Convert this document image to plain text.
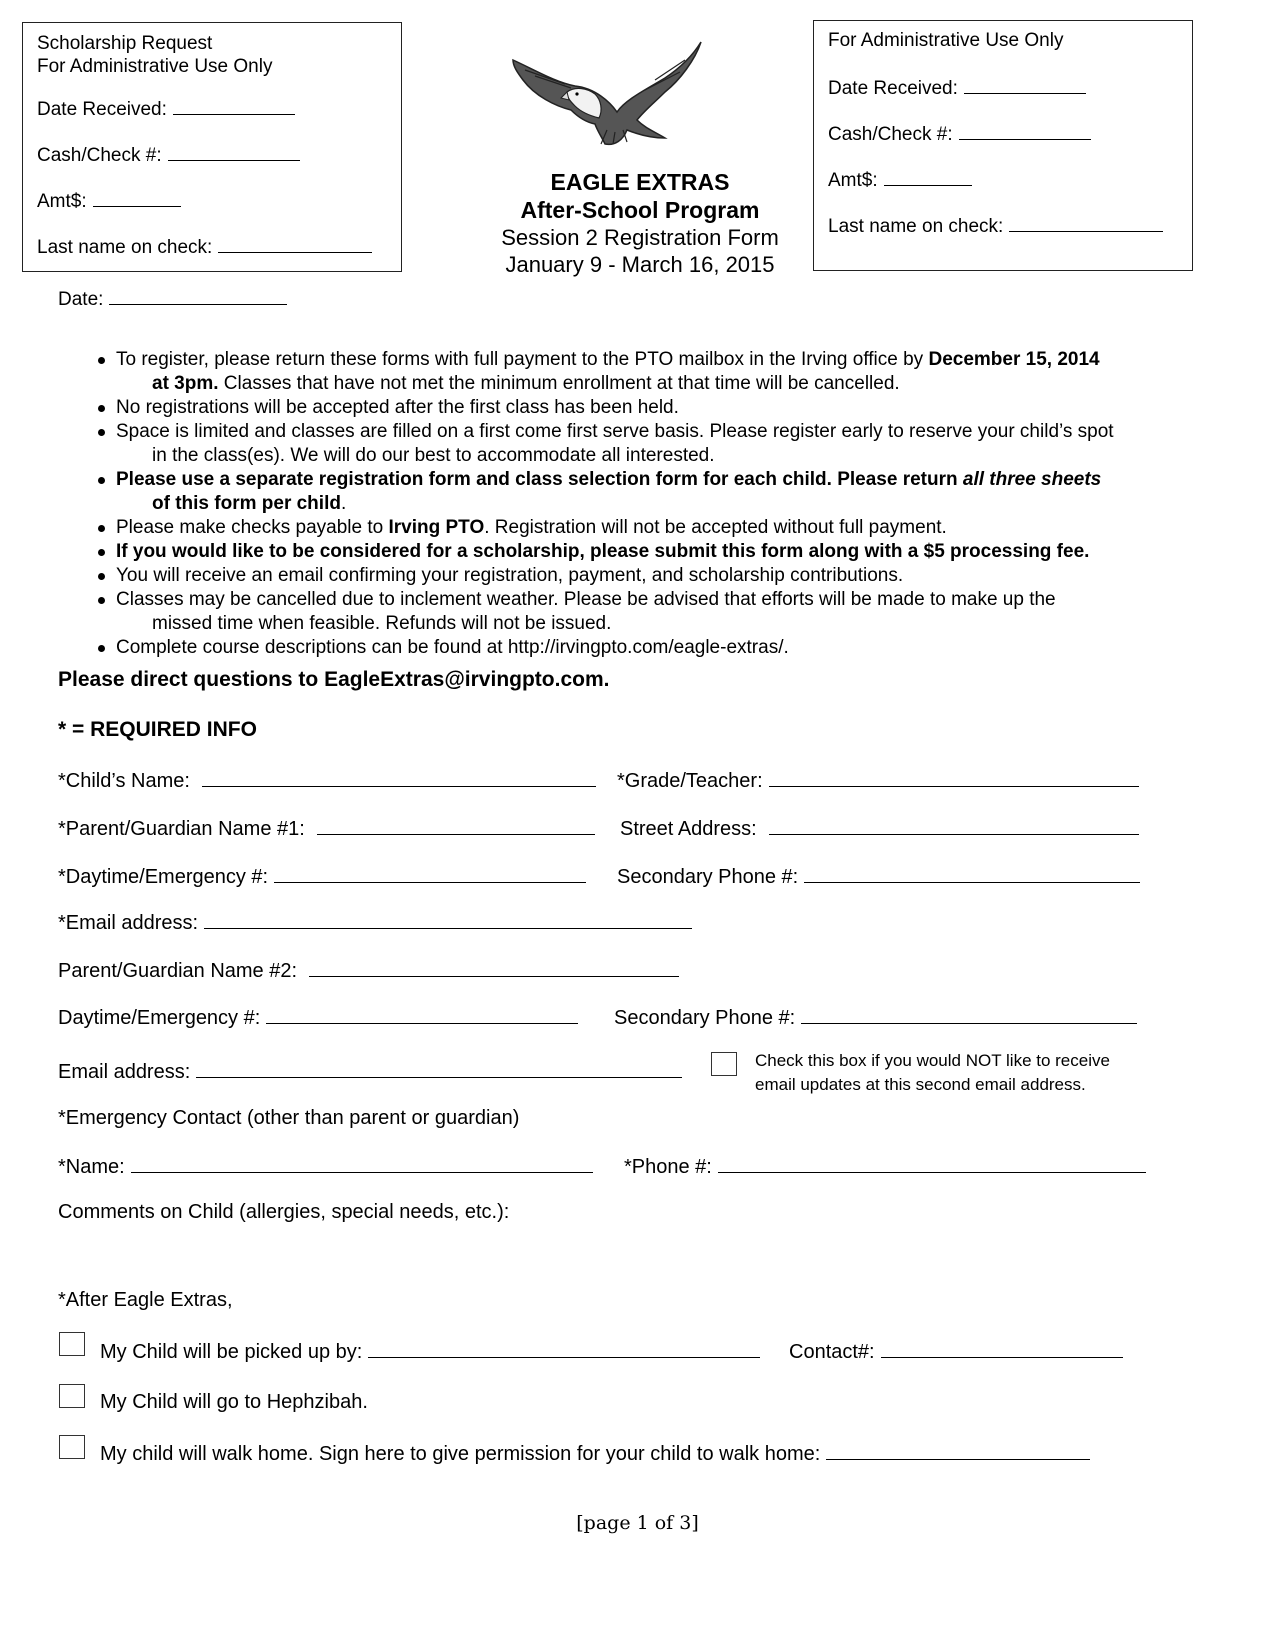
Scholarship Request
For Administrative Use Only
Date Received:
Cash/Check #:
Amt$:
Last name on check:
EAGLE EXTRAS
After-School Program
Session 2 Registration Form
January 9 - March 16, 2015
For Administrative Use Only
Date Received:
Cash/Check #:
Amt$:
Last name on check:
Date:
To register, please return these forms with full payment to the PTO mailbox in the Irving office by December 15, 2014
at 3pm. Classes that have not met the minimum enrollment at that time will be cancelled.
No registrations will be accepted after the first class has been held.
Space is limited and classes are filled on a first come first serve basis. Please register early to reserve your child’s spot
in the class(es). We will do our best to accommodate all interested.
Please use a separate registration form and class selection form for each child. Please return all three sheets
of this form per child.
Please make checks payable to Irving PTO. Registration will not be accepted without full payment.
If you would like to be considered for a scholarship, please submit this form along with a $5 processing fee.
You will receive an email confirming your registration, payment, and scholarship contributions.
Classes may be cancelled due to inclement weather. Please be advised that efforts will be made to make up the
missed time when feasible. Refunds will not be issued.
Complete course descriptions can be found at http://irvingpto.com/eagle-extras/.
Please direct questions to EagleExtras@irvingpto.com.
* = REQUIRED INFO
*Child’s Name:	*Grade/Teacher:
*Parent/Guardian Name #1:	Street Address:
*Daytime/Emergency #:	Secondary Phone #:
*Email address:
Parent/Guardian Name #2:
Daytime/Emergency #:	Secondary Phone #:
Email address:
Check this box if you would NOT like to receive
email updates at this second email address.
*Emergency Contact (other than parent or guardian)
*Name:	*Phone #:
Comments on Child (allergies, special needs, etc.):
*After Eagle Extras,
My Child will be picked up by:	Contact#:
My Child will go to Hephzibah.
My child will walk home. Sign here to give permission for your child to walk home:
[page 1 of 3]
